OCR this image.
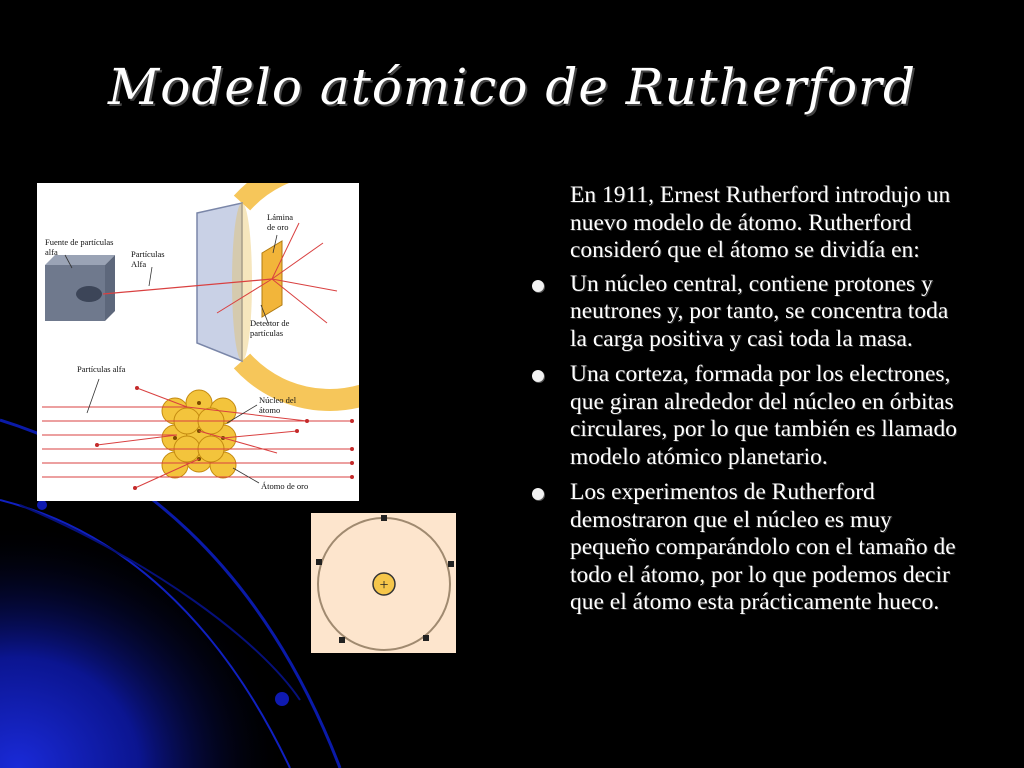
Modelo atómico de Rutherford
Fuente de partículas
alfa	Partículas
Alfa
Lámina
de oro
Detector de
partículas
Partículas alfa
Núcleo del
átomo
Átomo de oro
+

En 1911, Ernest Rutherford introdujo un nuevo modelo de átomo. Rutherford consideró que el átomo se dividía en:

Un núcleo central, contiene protones y neutrones y, por tanto, se concentra toda la carga positiva y casi toda la masa.
Una corteza, formada por los electrones, que giran alrededor del núcleo en órbitas circulares, por lo que también es llamado modelo atómico planetario.
Los experimentos de Rutherford demostraron que el núcleo es muy pequeño comparándolo con el tamaño de todo el átomo, por lo que podemos decir que el átomo esta prácticamente hueco.
